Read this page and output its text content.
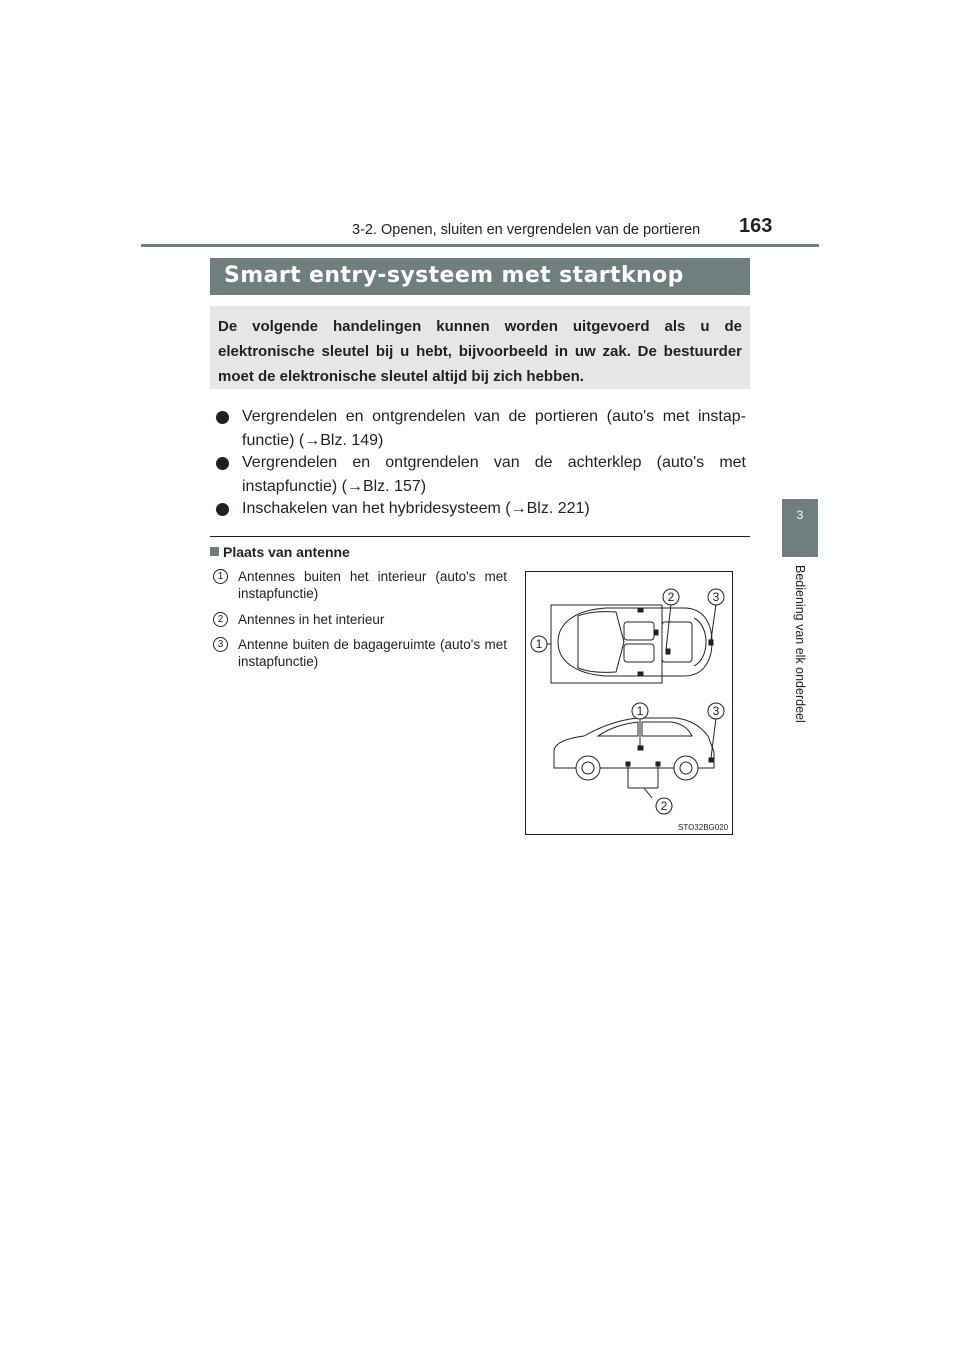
3-2. Openen, sluiten en vergrendelen van de portieren 163
3
Bediening van elk onderdeel
Smart entry-systeem met startknop
De volgende handelingen kunnen worden uitgevoerd als u de elektronische sleutel bij u hebt, bijvoorbeeld in uw zak. De bestuurder moet de elektronische sleutel altijd bij zich hebben.
Vergrendelen en ontgrendelen van de portieren (auto's met instap-functie) (→Blz. 149)
Vergrendelen en ontgrendelen van de achterklep (auto's met instapfunctie) (→Blz. 157)
Inschakelen van het hybridesysteem (→Blz. 221)
Plaats van antenne
1	Antennes buiten het interieur (auto's met instapfunctie)
2	Antennes in het interieur
3	Antenne buiten de bagageruimte (auto's met instapfunctie)
2	3
1
1	3
2
STO32BG020
